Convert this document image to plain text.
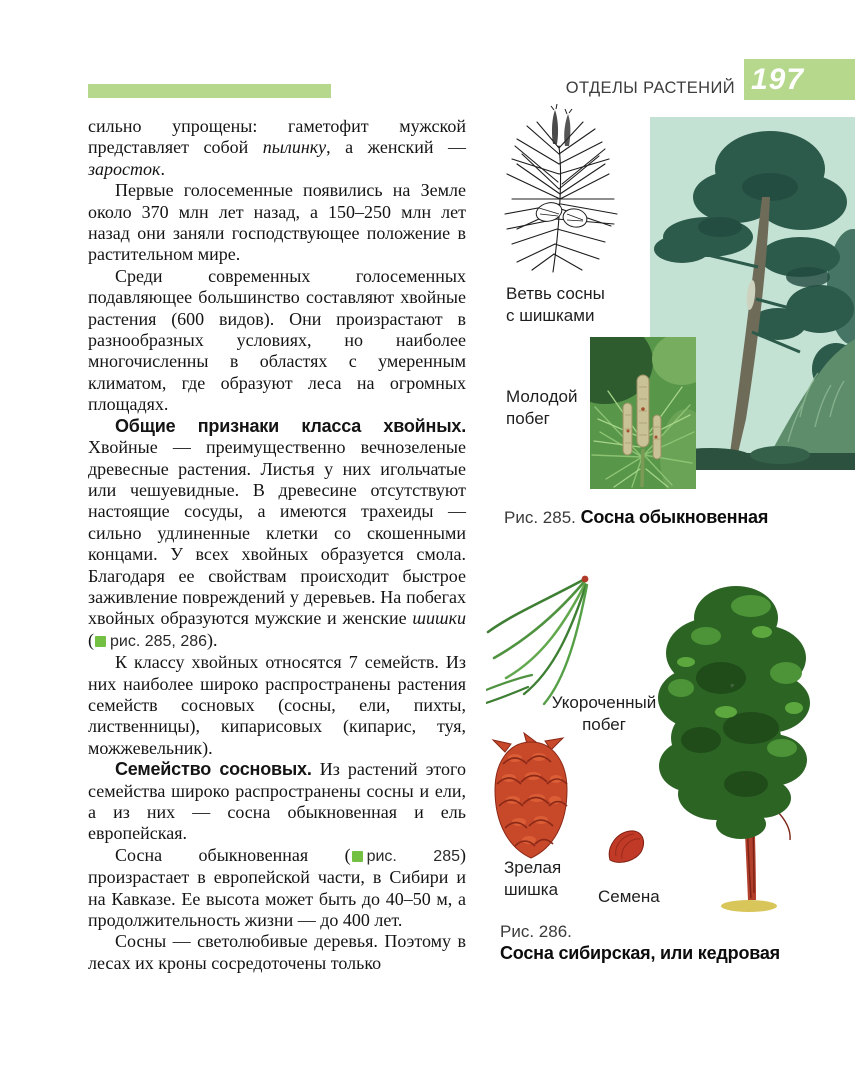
ОТДЕЛЫ РАСТЕНИЙ 197

сильно упрощены: гаметофит мужской представляет собой пылинку, а женский — заросток.

Первые голосеменные появились на Земле около 370 млн лет назад, а 150–250 млн лет назад они заняли господствующее положение в растительном мире.

Среди современных голосеменных подавляющее большинство составляют хвойные растения (600 видов). Они произрастают в разнообразных условиях, но наиболее многочисленны в областях с умеренным климатом, где образуют леса на огромных площадях.

Общие признаки класса хвойных. Хвойные — преимущественно вечнозеленые древесные растения. Листья у них игольчатые или чешуевидные. В древесине отсутствуют настоящие сосуды, а имеются трахеиды — сильно удлиненные клетки со скошенными концами. У всех хвойных образуется смола. Благодаря ее свойствам происходит быстрое заживление повреждений у деревьев. На побегах хвойных образуются мужские и женские шишки ( рис. 285, 286).

К классу хвойных относятся 7 семейств. Из них наиболее широко распространены растения семейств сосновых (сосны, ели, пихты, лиственницы), кипарисовых (кипарис, туя, можжевельник).

Семейство сосновых. Из растений этого семейства широко распространены сосны и ели, а из них — сосна обыкновенная и ель европейская.

Сосна обыкновенная ( рис. 285) произрастает в европейской части, в Сибири и на Кавказе. Ее высота может быть до 40–50 м, а продолжительность жизни — до 400 лет.

Сосны — светолюбивые деревья. Поэтому в лесах их кроны сосредоточены только

Ветвь сосны с шишками
Молодой побег
Рис. 285. Сосна обыкновенная
Укороченный побег
Зрелая шишка	Семена
Рис. 286.
Сосна сибирская, или кедровая
